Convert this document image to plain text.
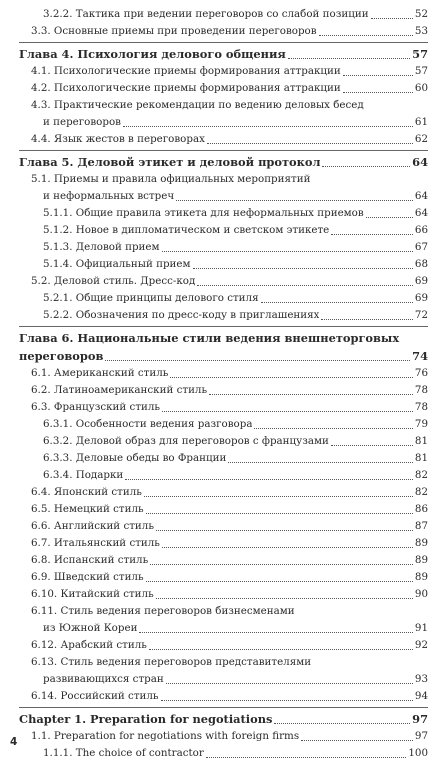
3.2.2. Тактика при ведении переговоров со слабой позиции	52
3.3. Основные приемы при проведении переговоров	53
Глава 4. Психология делового общения	57
4.1. Психологические приемы формирования аттракции	57
4.2. Психологические приемы формирования аттракции	60
4.3. Практические рекомендации по ведению деловых бесед
и переговоров	61
4.4. Язык жестов в переговорах	62
Глава 5. Деловой этикет и деловой протокол	64
5.1. Приемы и правила официальных мероприятий
и неформальных встреч	64
5.1.1. Общие правила этикета для неформальных приемов	64
5.1.2. Новое в дипломатическом и светском этикете	66
5.1.3. Деловой прием	67
5.1.4. Официальный прием	68
5.2. Деловой стиль. Дресс-код	69
5.2.1. Общие принципы делового стиля	69
5.2.2. Обозначения по дресс-коду в приглашениях	72
Глава 6. Национальные стили ведения внешнеторговых
переговоров	74
6.1. Американский стиль	76
6.2. Латиноамериканский стиль	78
6.3. Французский стиль	78
6.3.1. Особенности ведения разговора	79
6.3.2. Деловой образ для переговоров с французами	81
6.3.3. Деловые обеды во Франции	81
6.3.4. Подарки	82
6.4. Японский стиль	82
6.5. Немецкий стиль	86
6.6. Английский стиль	87
6.7. Итальянский стиль	89
6.8. Испанский стиль	89
6.9. Шведский стиль	89
6.10. Китайский стиль	90
6.11. Стиль ведения переговоров бизнесменами
из Южной Кореи	91
6.12. Арабский стиль	92
6.13. Стиль ведения переговоров представителями
развивающихся стран	93
6.14. Российский стиль	94
Chapter 1. Preparation for negotiations	97
1.1. Preparation for negotiations with foreign firms	97
1.1.1. The choice of contractor	100
4
